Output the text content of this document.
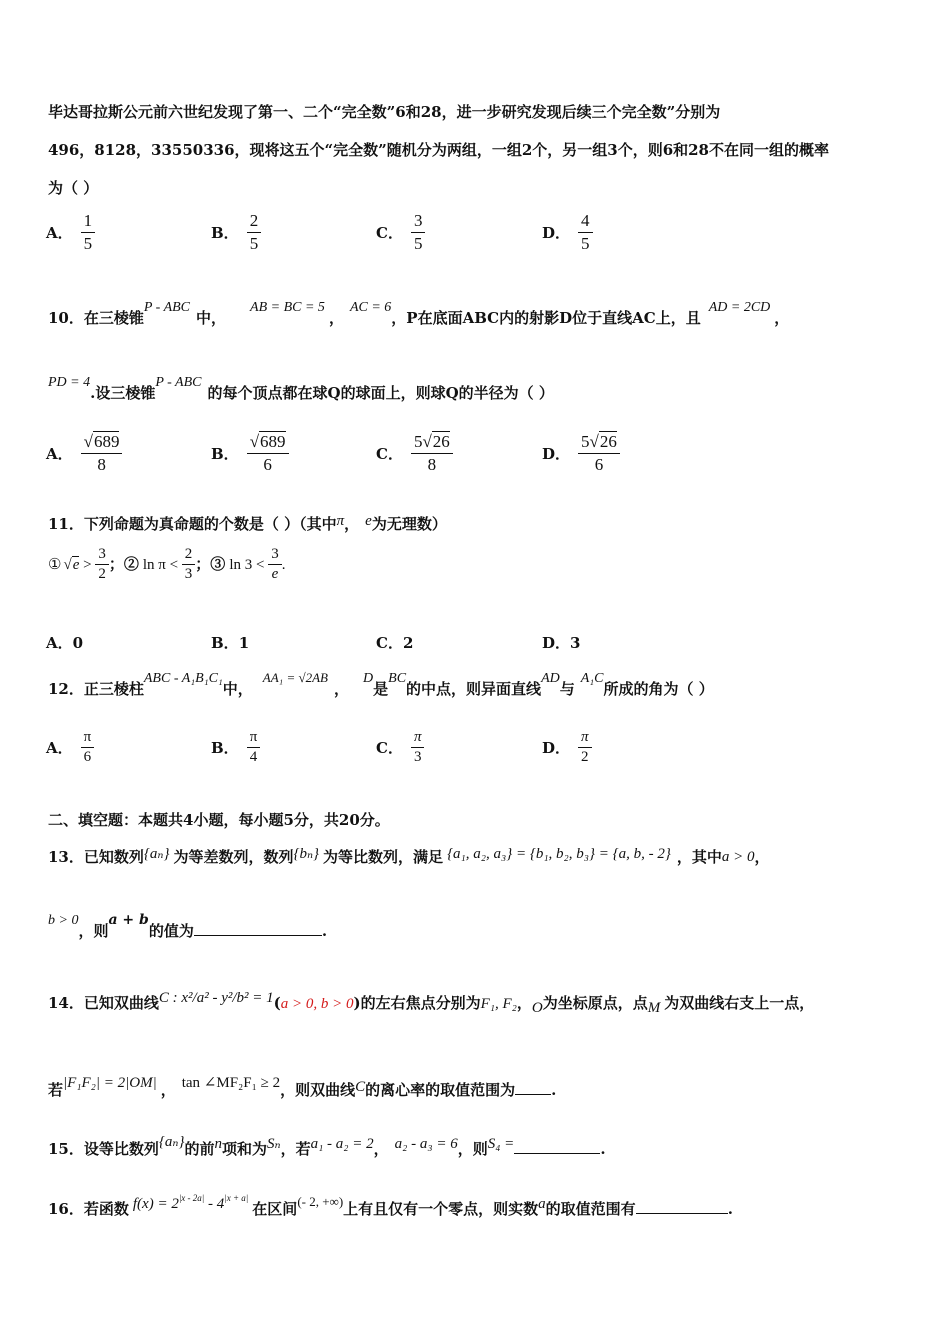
毕达哥拉斯公元前六世纪发现了第一、二个“完全数”6和28，进一步研究发现后续三个完全数”分别为
496，8128，33550336，现将这五个“完全数”随机分为两组，一组2个，另一组3个，则6和28不在同一组的概率
为（ ）
A． $\frac{1}{5}$	B． $\frac{2}{5}$	C． $\frac{3}{5}$	D． $\frac{4}{5}$
10．在三棱锥P - ABC中，AB = BC = 5，AC = 6，P在底面ABC内的射影D位于直线AC上，且AD = 2CD，
PD = 4.设三棱锥P - ABC的每个顶点都在球Q的球面上，则球Q的半径为（ ）
A． $\frac{√689}{8}$	B． $\frac{√689}{6}$	C． $\frac{5√26}{8}$	D． $\frac{5√26}{6}$
11．下列命题为真命题的个数是（ ）（其中π， e为无理数）
① $√e > \frac{3}{2}$ ；② $\ln \pi < \frac{2}{3}$ ；③ $\ln 3 < \frac{3}{e}$ .
A．0	B．1	C．2	D．3
12．正三棱柱ABC - A₁B₁C₁中，AA₁ = √2AB，D是BC的中点，则异面直线AD与A₁C所成的角为（ ）
A． $\frac{\pi}{6}$	B． $\frac{\pi}{4}$	C． $\frac{\pi}{3}$	D． $\frac{\pi}{2}$
二、填空题：本题共4小题，每小题5分，共20分。
13．已知数列{aₙ} 为等差数列，数列{bₙ} 为等比数列，满足 {a₁, a₂, a₃} = {b₁, b₂, b₃} = {a, b, - 2} ，其中a > 0，
b > 0，则a + b的值为	.
14．已知双曲线C : x²/a² - y²/b² = 1(a > 0, b > 0)的左右焦点分别为F₁, F₂，O为坐标原点，点M 为双曲线右支上一点，
若|F₁F₂| = 2|OM| ， tan ∠MF₂F₁ ≥ 2，则双曲线C的离心率的取值范围为 .
15．设等比数列{aₙ}的前n项和为Sₙ，若a₁ - a₂ = 2， a₂ - a₃ = 6，则S₄ =	.
16．若函数 $f(x) = 2^{|x - 2a|} - 4^{|x + a|}$在区间(- 2, +∞)上有且仅有一个零点，则实数a的取值范围有	.
